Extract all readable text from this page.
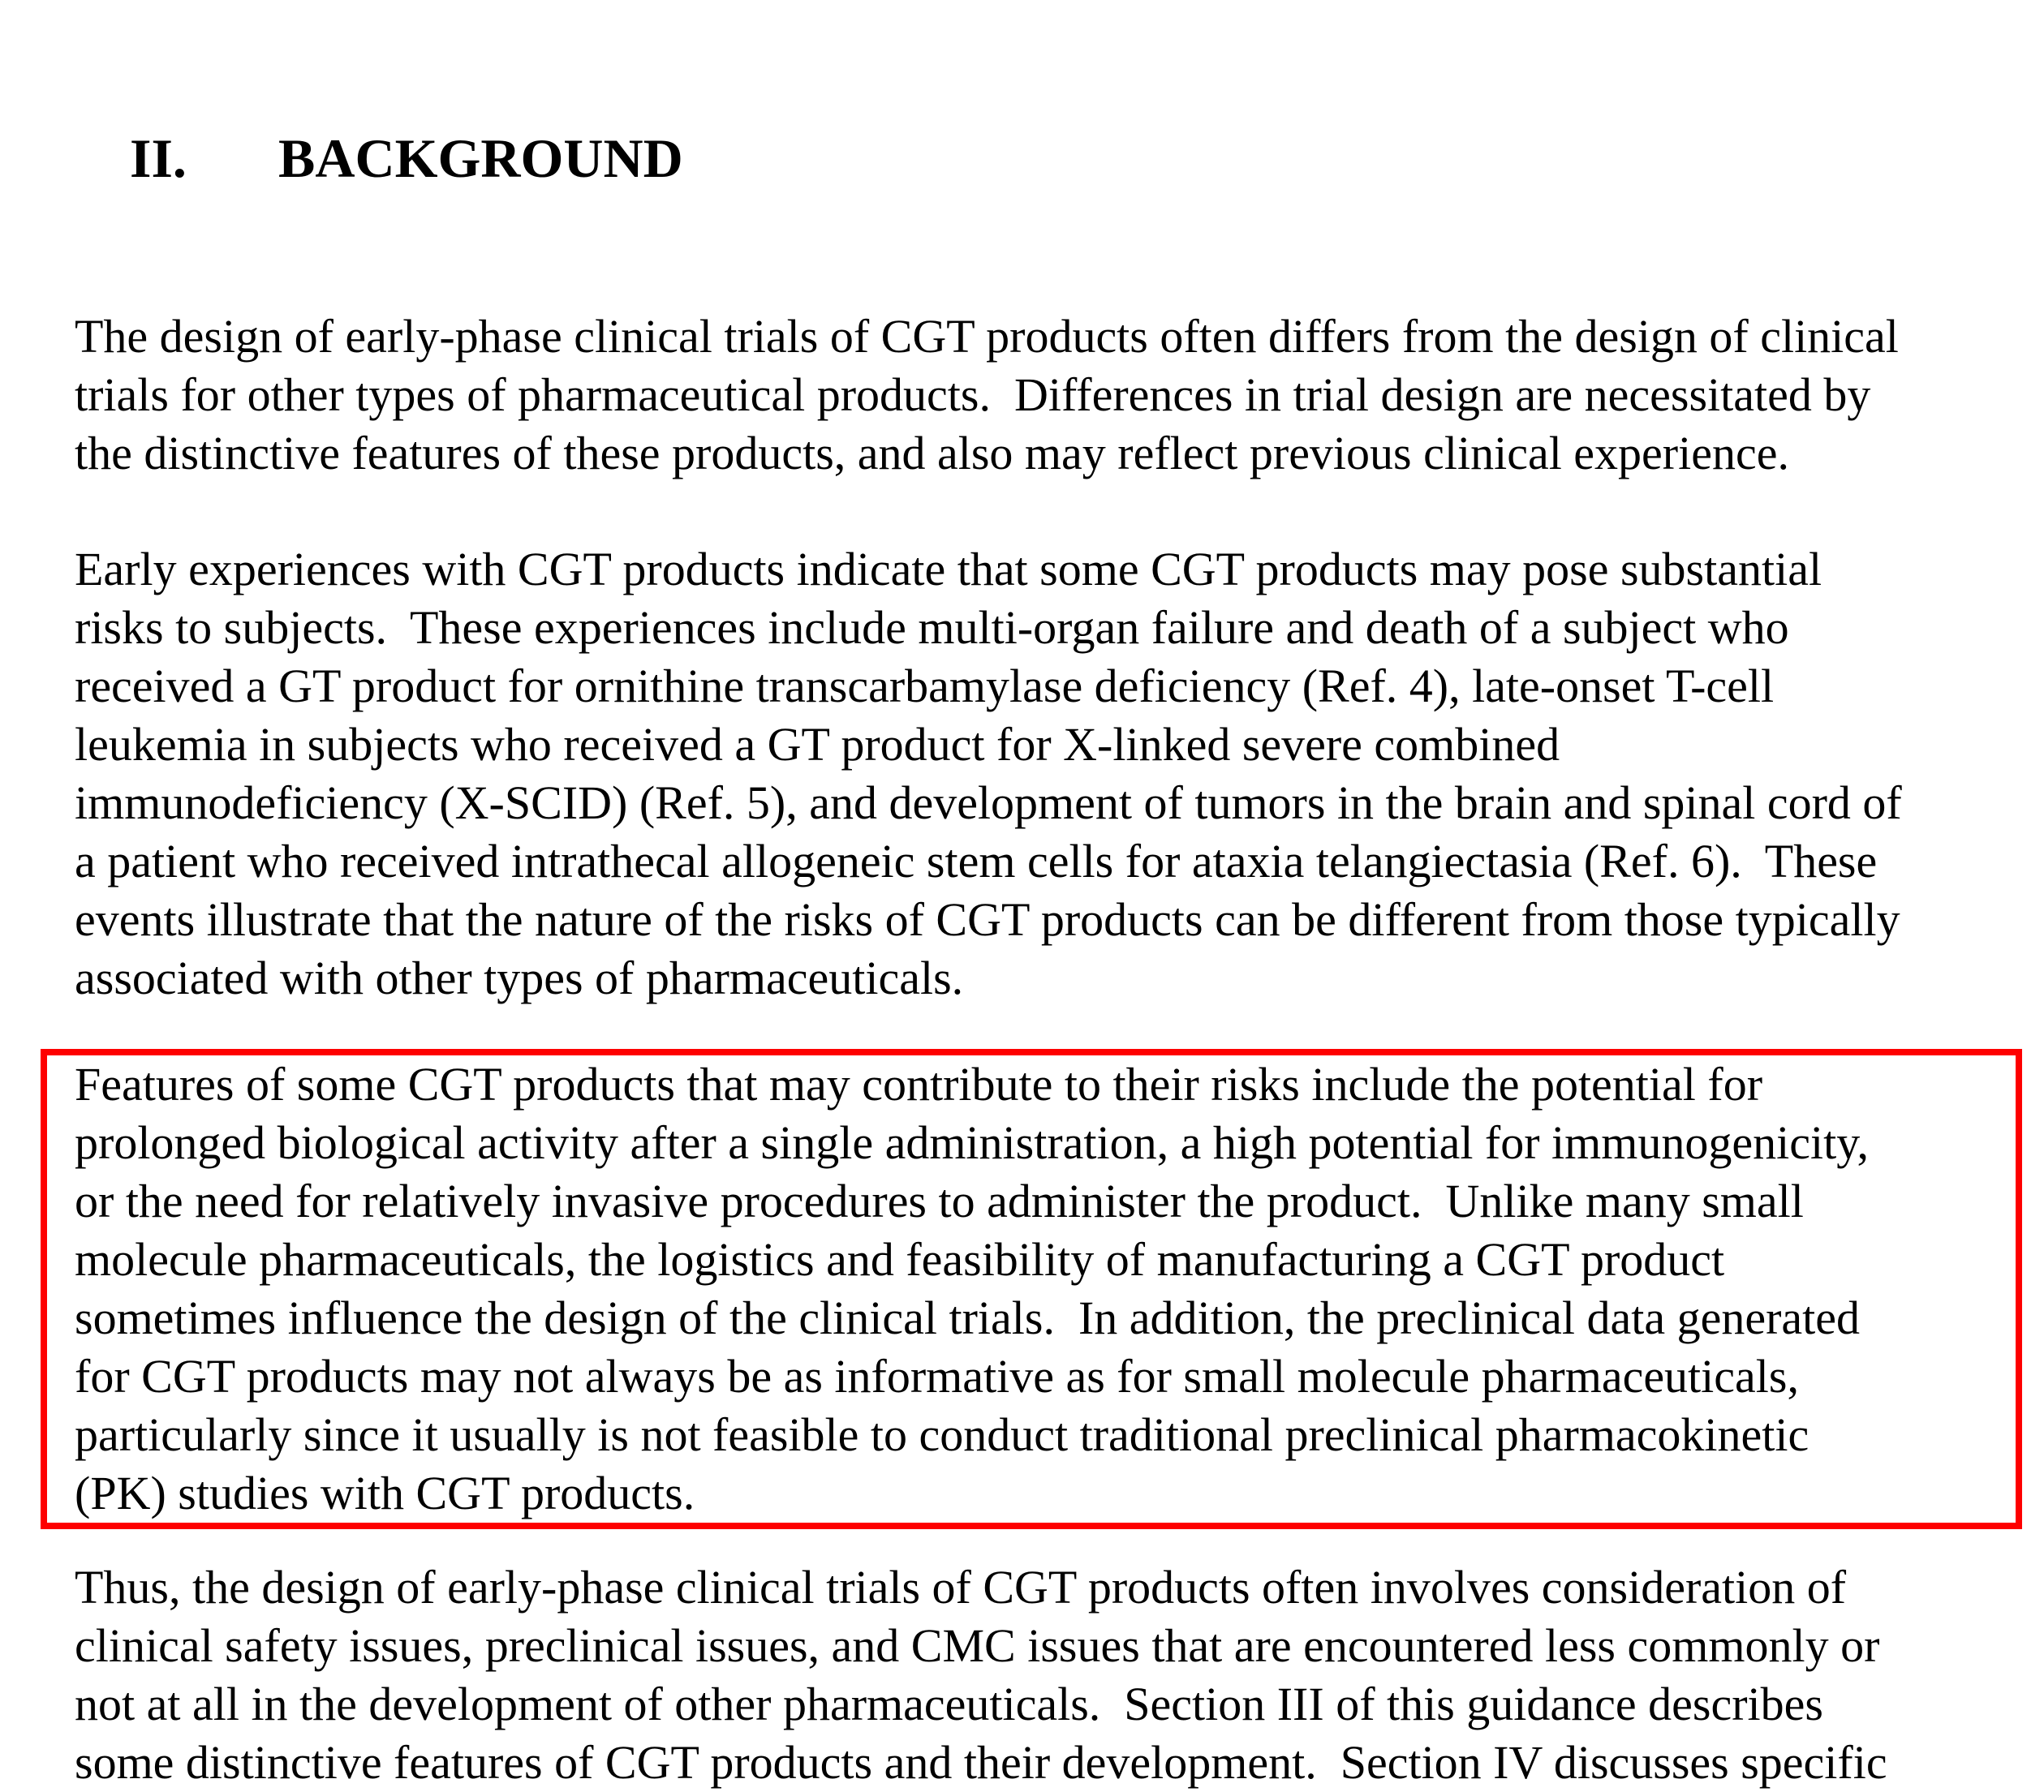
II. BACKGROUND

The design of early-phase clinical trials of CGT products often differs from the design of clinical
trials for other types of pharmaceutical products.  Differences in trial design are necessitated by
the distinctive features of these products, and also may reflect previous clinical experience.
Early experiences with CGT products indicate that some CGT products may pose substantial
risks to subjects.  These experiences include multi-organ failure and death of a subject who
received a GT product for ornithine transcarbamylase deficiency (Ref. 4), late-onset T-cell
leukemia in subjects who received a GT product for X-linked severe combined
immunodeficiency (X-SCID) (Ref. 5), and development of tumors in the brain and spinal cord of
a patient who received intrathecal allogeneic stem cells for ataxia telangiectasia (Ref. 6).  These
events illustrate that the nature of the risks of CGT products can be different from those typically
associated with other types of pharmaceuticals.
Features of some CGT products that may contribute to their risks include the potential for
prolonged biological activity after a single administration, a high potential for immunogenicity,
or the need for relatively invasive procedures to administer the product.  Unlike many small
molecule pharmaceuticals, the logistics and feasibility of manufacturing a CGT product
sometimes influence the design of the clinical trials.  In addition, the preclinical data generated
for CGT products may not always be as informative as for small molecule pharmaceuticals,
particularly since it usually is not feasible to conduct traditional preclinical pharmacokinetic
(PK) studies with CGT products.
Thus, the design of early-phase clinical trials of CGT products often involves consideration of
clinical safety issues, preclinical issues, and CMC issues that are encountered less commonly or
not at all in the development of other pharmaceuticals.  Section III of this guidance describes
some distinctive features of CGT products and their development.  Section IV discusses specific
